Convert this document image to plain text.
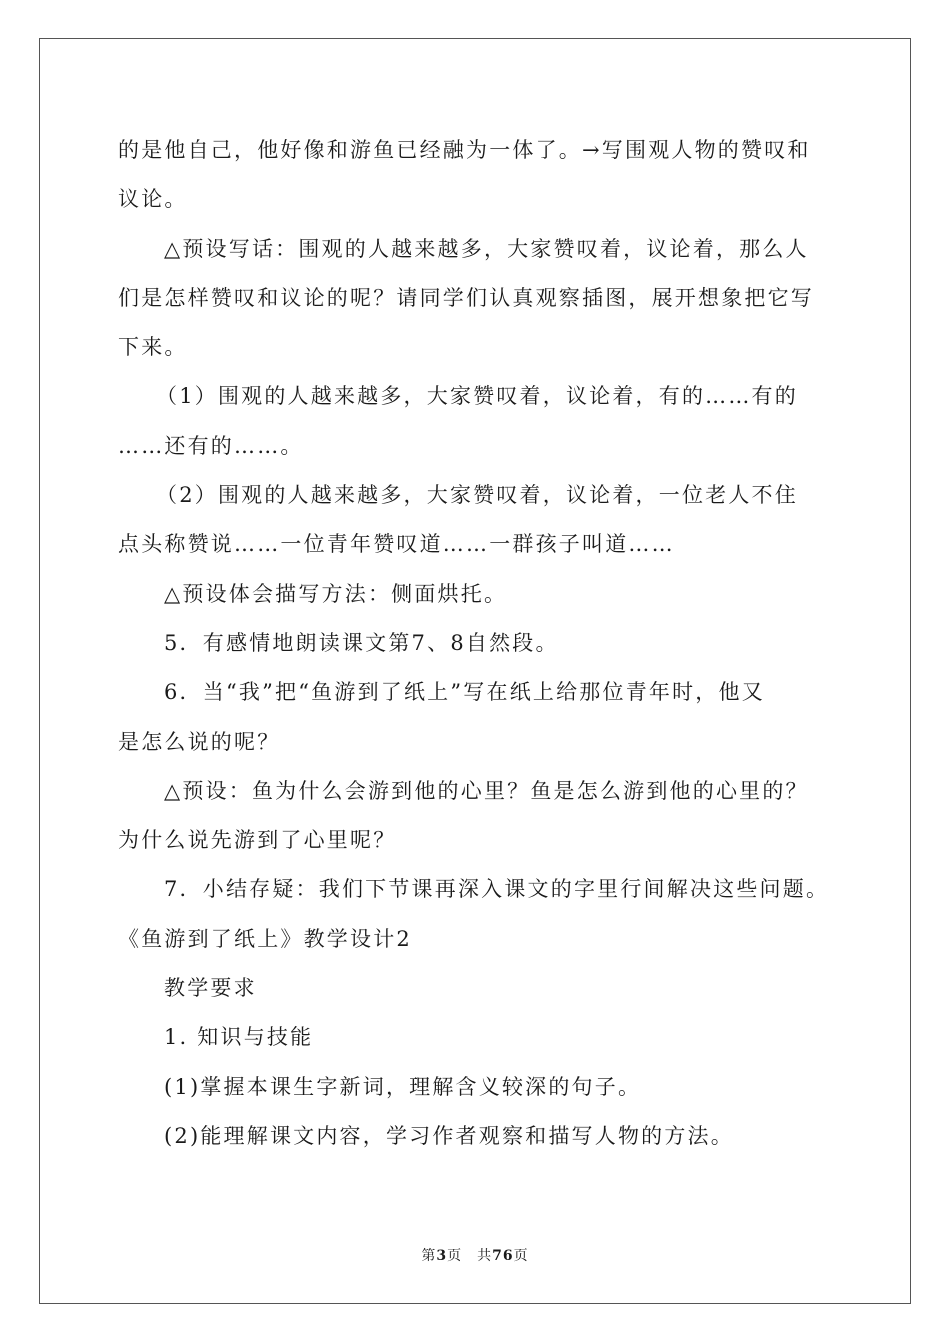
的是他自己，他好像和游鱼已经融为一体了。→写围观人物的赞叹和
议论。
△预设写话：围观的人越来越多，大家赞叹着，议论着，那么人
们是怎样赞叹和议论的呢？请同学们认真观察插图，展开想象把它写
下来。
（1）围观的人越来越多，大家赞叹着，议论着，有的……有的
……还有的……。
（2）围观的人越来越多，大家赞叹着，议论着，一位老人不住
点头称赞说……一位青年赞叹道……一群孩子叫道……
△预设体会描写方法：侧面烘托。
5．有感情地朗读课文第7、8自然段。
6．当“我”把“鱼游到了纸上”写在纸上给那位青年时，他又
是怎么说的呢？
△预设：鱼为什么会游到他的心里？鱼是怎么游到他的心里的？
为什么说先游到了心里呢？
7．小结存疑：我们下节课再深入课文的字里行间解决这些问题。
《鱼游到了纸上》教学设计2
教学要求
1. 知识与技能
(1)掌握本课生字新词，理解含义较深的句子。
(2)能理解课文内容，学习作者观察和描写人物的方法。
第3页　共76页
